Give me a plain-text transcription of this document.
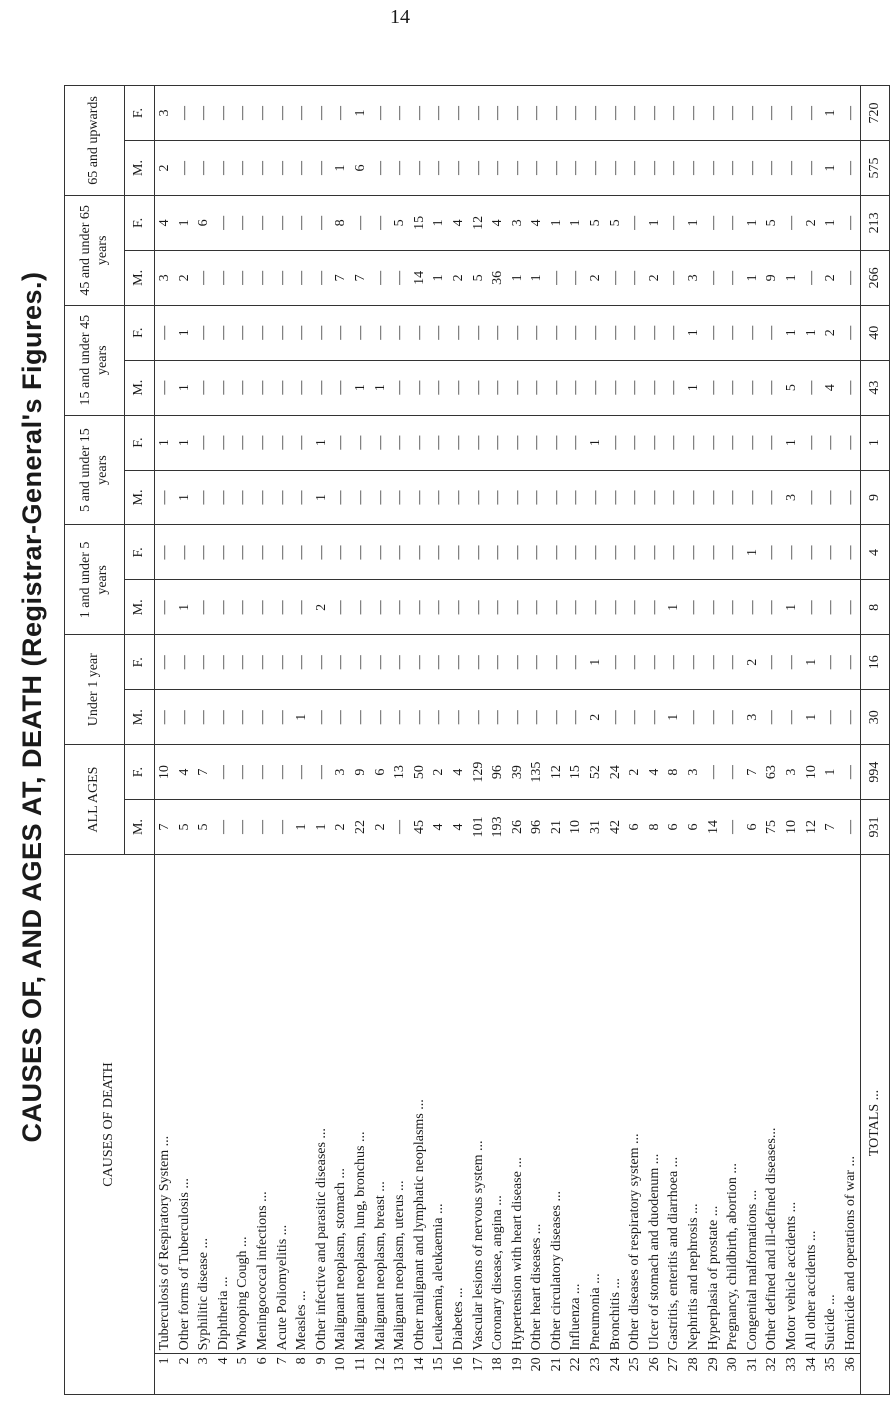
14
CAUSES OF, AND AGES AT, DEATH (Registrar-General's Figures.)	CAUSES OF DEATH		ALL AGES		Under 1 year		1 and under 5 years		5 and under 15 years		15 and under 45 years		45 and under 65 years		65 and upwards	
		M.	F.	M.	F.	M.	F.	M.	F.	M.	F.	M.	F.	M.	F.
1	Tuberculosis of Respiratory System ...	7	10	—	—	—	—	—	1	—	—	3	4	2	3
2	Other forms of Tuberculosis ...	5	4	—	—	1	—	1	1	1	1	2	1	—	—
3	Syphilitic disease ...	5	7	—	—	—	—	—	—	—	—	—	6	—	—
4	Diphtheria ...	—	—	—	—	—	—	—	—	—	—	—	—	—	—
5	Whooping Cough ...	—	—	—	—	—	—	—	—	—	—	—	—	—	—
6	Meningococcal infections ...	—	—	—	—	—	—	—	—	—	—	—	—	—	—
7	Acute Poliomyelitis ...	—	—	—	—	—	—	—	—	—	—	—	—	—	—
8	Measles ...	1	—	1	—	—	—	—	—	—	—	—	—	—	—
9	Other infective and parasitic diseases ...	1	—	—	—	2	—	1	1	—	—	—	—	—	—
10	Malignant neoplasm, stomach ...	2	3	—	—	—	—	—	—	—	—	7	8	1	—
11	Malignant neoplasm, lung, bronchus ...	22	9	—	—	—	—	—	—	1	—	7	—	6	1
12	Malignant neoplasm, breast ...	2	6	—	—	—	—	—	—	1	—	—	—	—	—
13	Malignant neoplasm, uterus ...	—	13	—	—	—	—	—	—	—	—	—	5	—	—
14	Other malignant and lymphatic neoplasms ...	45	50	—	—	—	—	—	—	—	—	14	15	—	—
15	Leukaemia, aleukaemia ...	4	2	—	—	—	—	—	—	—	—	1	1	—	—
16	Diabetes ...	4	4	—	—	—	—	—	—	—	—	2	4	—	—
17	Vascular lesions of nervous system ...	101	129	—	—	—	—	—	—	—	—	5	12	—	—
18	Coronary disease, angina ...	193	96	—	—	—	—	—	—	—	—	36	4	—	—
19	Hypertension with heart disease ...	26	39	—	—	—	—	—	—	—	—	1	3	—	—
20	Other heart diseases ...	96	135	—	—	—	—	—	—	—	—	1	4	—	—
21	Other circulatory diseases ...	21	12	—	—	—	—	—	—	—	—	—	1	—	—
22	Influenza ...	10	15	—	—	—	—	—	—	—	—	—	1	—	—
23	Pneumonia ...	31	52	2	1	—	—	—	1	—	—	2	5	—	—
24	Bronchitis ...	42	24	—	—	—	—	—	—	—	—	—	5	—	—
25	Other diseases of respiratory system ...	6	2	—	—	—	—	—	—	—	—	—	—	—	—
26	Ulcer of stomach and duodenum ...	8	4	—	—	—	—	—	—	—	—	2	1	—	—
27	Gastritis, enteritis and diarrhoea ...	6	8	1	—	1	—	—	—	—	—	—	—	—	—
28	Nephritis and nephrosis ...	6	3	—	—	—	—	—	—	1	1	3	1	—	—
29	Hyperplasia of prostate ...	14	—	—	—	—	—	—	—	—	—	—	—	—	—
30	Pregnancy, childbirth, abortion ...	—	—	—	—	—	—	—	—	—	—	—	—	—	—
31	Congenital malformations ...	6	7	3	2	—	1	—	—	—	—	1	1	—	—
32	Other defined and ill-defined diseases...	75	63	—	—	—	—	—	—	—	—	9	5	—	—
33	Motor vehicle accidents ...	10	3	—	—	1	—	3	1	5	1	1	—	—	—
34	All other accidents ...	12	10	1	1	—	—	—	—	—	1	—	2	—	—
35	Suicide ...	7	1	—	—	—	—	—	—	4	2	2	1	1	1
36	Homicide and operations of war ...	—	—	—	—	—	—	—	—	—	—	—	—	—	—
TOTALS ...		931	994	30	16	8	4	9	1	43	40	266	213	575	720
